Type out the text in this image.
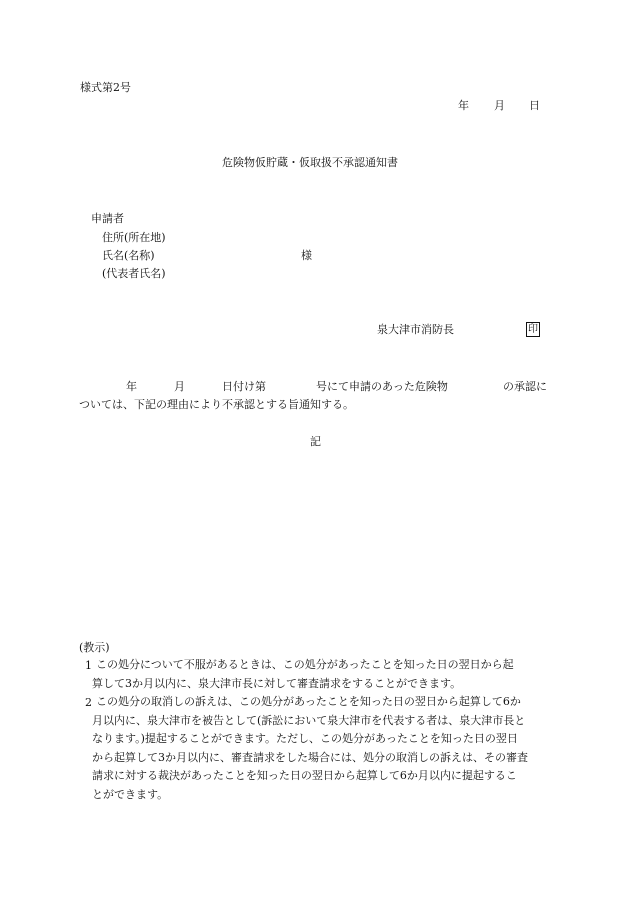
様式第2号
年 月 日
危険物仮貯蔵・仮取扱不承認通知書
申請者
住所(所在地)
氏名(名称)	様
(代表者氏名)
泉大津市消防長	印
年	月	日付け第	号にて申請のあった危険物	の承認に
ついては、下記の理由により不承認とする旨通知する。
記
(教示)
1 この処分について不服があるときは、この処分があったことを知った日の翌日から起
算して3か月以内に、泉大津市長に対して審査請求をすることができます。
2 この処分の取消しの訴えは、この処分があったことを知った日の翌日から起算して6か
月以内に、泉大津市を被告として(訴訟において泉大津市を代表する者は、泉大津市長と
なります。)提起することができます。ただし、この処分があったことを知った日の翌日
から起算して3か月以内に、審査請求をした場合には、処分の取消しの訴えは、その審査
請求に対する裁決があったことを知った日の翌日から起算して6か月以内に提起するこ
とができます。
